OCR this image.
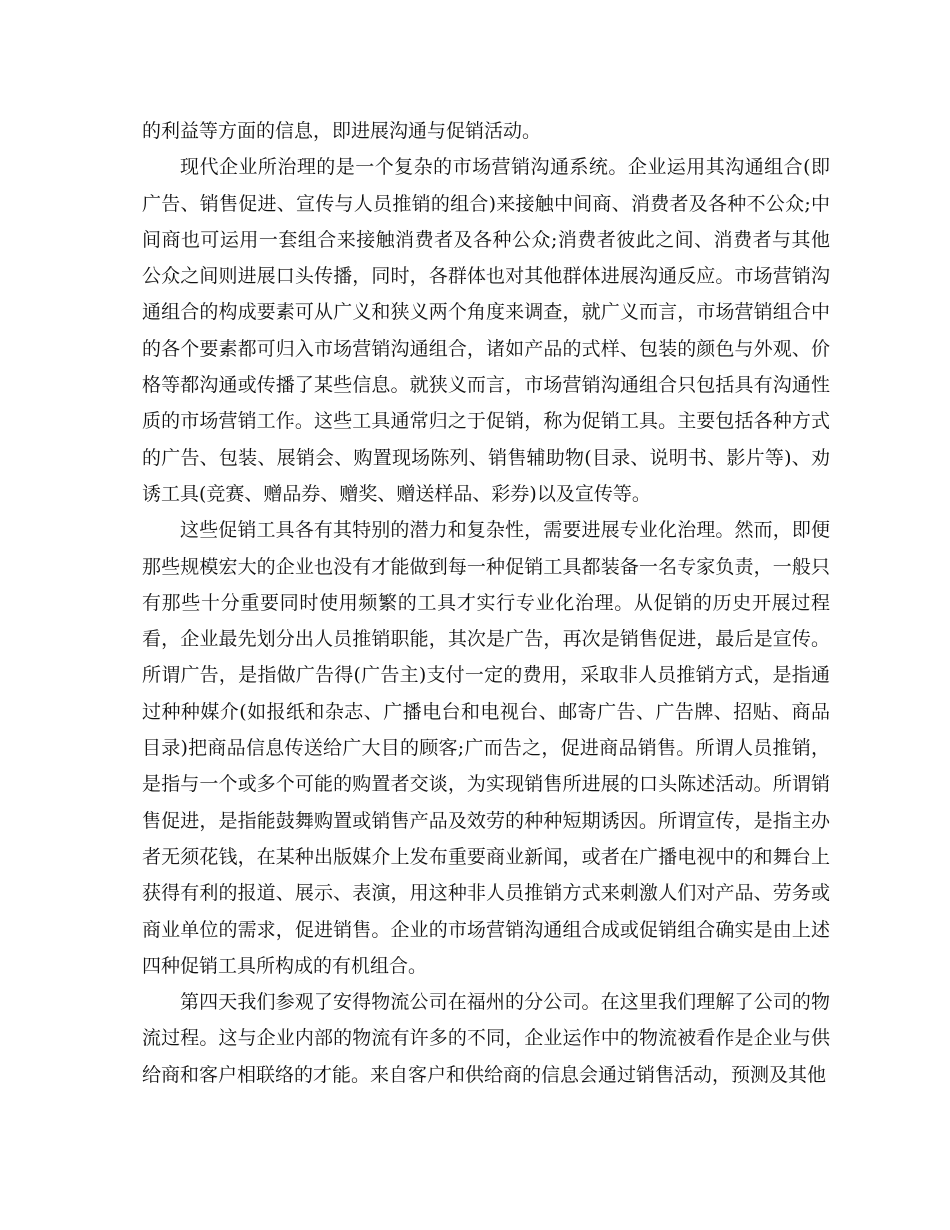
的利益等方面的信息，即进展沟通与促销活动。

现代企业所治理的是一个复杂的市场营销沟通系统。企业运用其沟通组合(即广告、销售促进、宣传与人员推销的组合)来接触中间商、消费者及各种不公众;中间商也可运用一套组合来接触消费者及各种公众;消费者彼此之间、消费者与其他公众之间则进展口头传播，同时，各群体也对其他群体进展沟通反应。市场营销沟通组合的构成要素可从广义和狭义两个角度来调查，就广义而言，市场营销组合中的各个要素都可归入市场营销沟通组合，诸如产品的式样、包装的颜色与外观、价格等都沟通或传播了某些信息。就狭义而言，市场营销沟通组合只包括具有沟通性质的市场营销工作。这些工具通常归之于促销，称为促销工具。主要包括各种方式的广告、包装、展销会、购置现场陈列、销售辅助物(目录、说明书、影片等)、劝诱工具(竞赛、赠品券、赠奖、赠送样品、彩券)以及宣传等。

这些促销工具各有其特别的潜力和复杂性，需要进展专业化治理。然而，即便那些规模宏大的企业也没有才能做到每一种促销工具都装备一名专家负责，一般只有那些十分重要同时使用频繁的工具才实行专业化治理。从促销的历史开展过程看，企业最先划分出人员推销职能，其次是广告，再次是销售促进，最后是宣传。所谓广告，是指做广告得(广告主)支付一定的费用，采取非人员推销方式，是指通过种种媒介(如报纸和杂志、广播电台和电视台、邮寄广告、广告牌、招贴、商品目录)把商品信息传送给广大目的顾客;广而告之，促进商品销售。所谓人员推销，是指与一个或多个可能的购置者交谈，为实现销售所进展的口头陈述活动。所谓销售促进，是指能鼓舞购置或销售产品及效劳的种种短期诱因。所谓宣传，是指主办者无须花钱，在某种出版媒介上发布重要商业新闻，或者在广播电视中的和舞台上获得有利的报道、展示、表演，用这种非人员推销方式来刺激人们对产品、劳务或商业单位的需求，促进销售。企业的市场营销沟通组合成或促销组合确实是由上述四种促销工具所构成的有机组合。

第四天我们参观了安得物流公司在福州的分公司。在这里我们理解了公司的物流过程。这与企业内部的物流有许多的不同，企业运作中的物流被看作是企业与供给商和客户相联络的才能。来自客户和供给商的信息会通过销售活动，预测及其他
